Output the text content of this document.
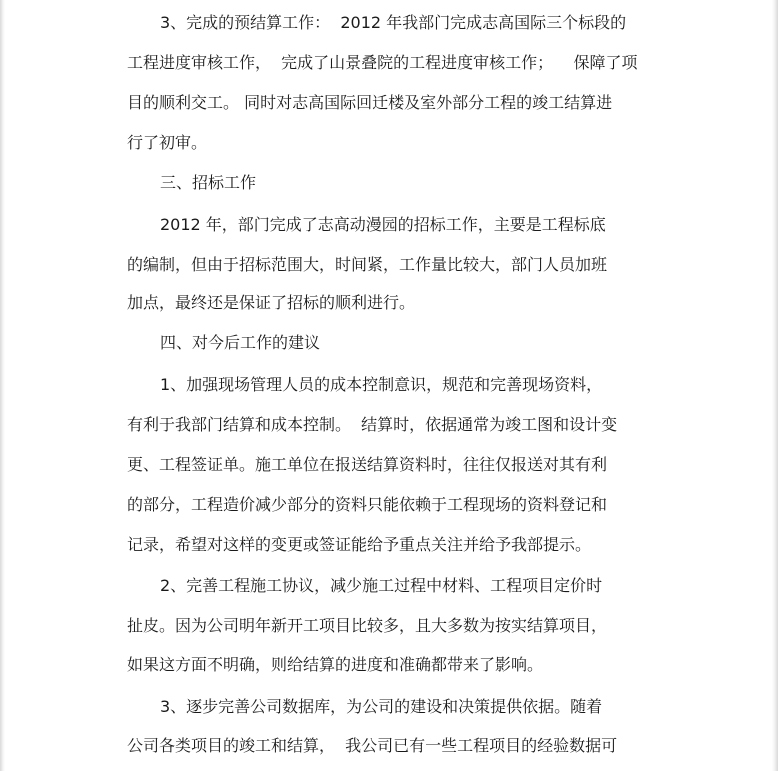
3、完成的预结算工作：  2012 年我部门完成志高国际三个标段的

工程进度审核工作，  完成了山景叠院的工程进度审核工作；    保障了项

目的顺利交工。 同时对志高国际回迁楼及室外部分工程的竣工结算进

行了初审。

三、招标工作

2012 年，部门完成了志高动漫园的招标工作，主要是工程标底

的编制，但由于招标范围大，时间紧，工作量比较大，部门人员加班

加点，最终还是保证了招标的顺利进行。

四、对今后工作的建议

1、加强现场管理人员的成本控制意识，规范和完善现场资料，

有利于我部门结算和成本控制。  结算时，依据通常为竣工图和设计变

更、工程签证单。施工单位在报送结算资料时，往往仅报送对其有利

的部分，工程造价减少部分的资料只能依赖于工程现场的资料登记和

记录，希望对这样的变更或签证能给予重点关注并给予我部提示。

2、完善工程施工协议，减少施工过程中材料、工程项目定价时

扯皮。因为公司明年新开工项目比较多，且大多数为按实结算项目，

如果这方面不明确，则给结算的进度和准确都带来了影响。

3、逐步完善公司数据库，为公司的建设和决策提供依据。随着

公司各类项目的竣工和结算，  我公司已有一些工程项目的经验数据可
